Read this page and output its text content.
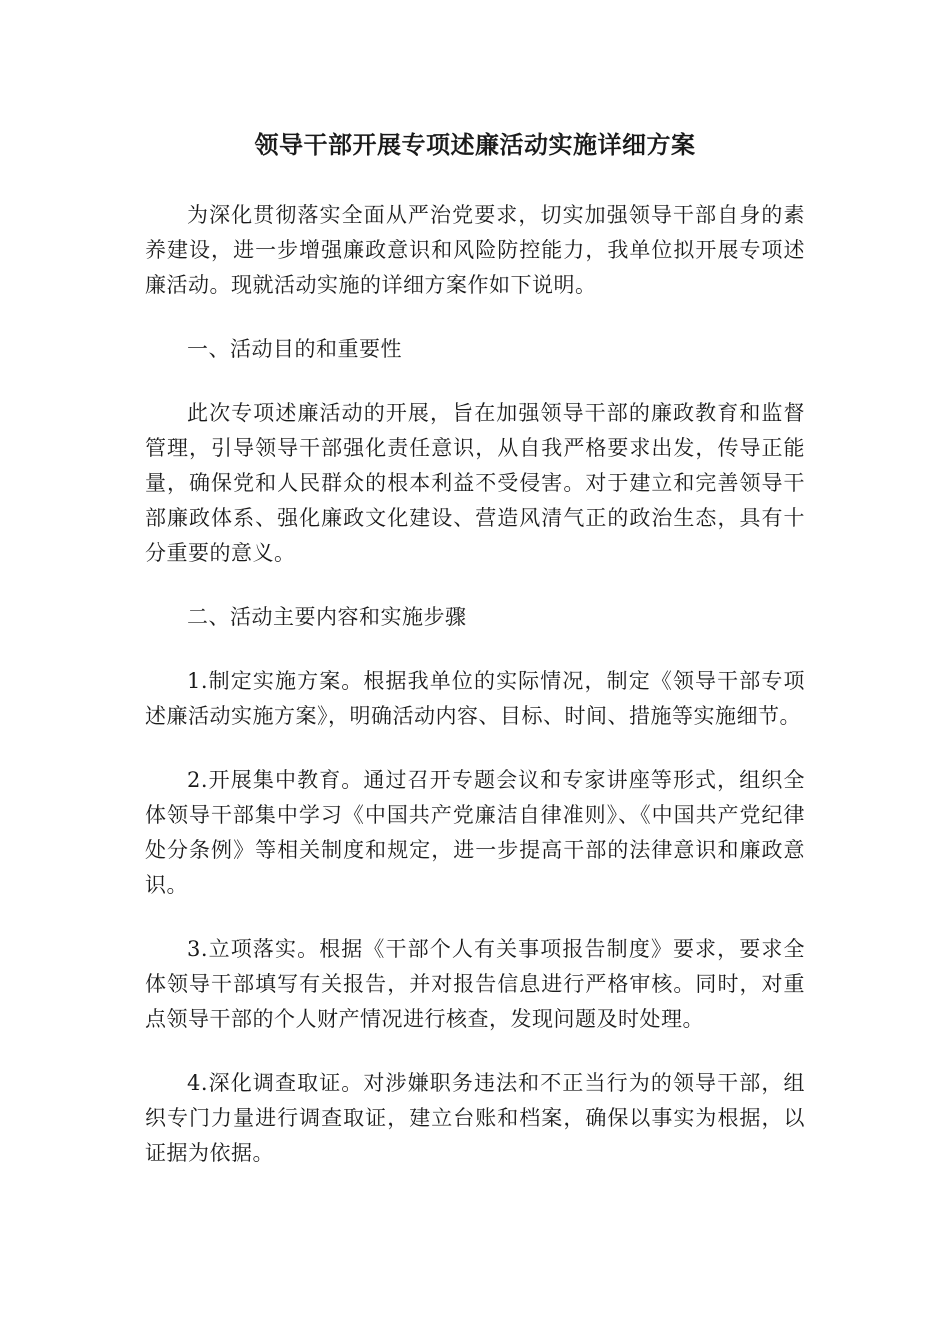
领导干部开展专项述廉活动实施详细方案

为深化贯彻落实全面从严治党要求，切实加强领导干部自身的素养建设，进一步增强廉政意识和风险防控能力，我单位拟开展专项述廉活动。现就活动实施的详细方案作如下说明。

一、活动目的和重要性

此次专项述廉活动的开展，旨在加强领导干部的廉政教育和监督管理，引导领导干部强化责任意识，从自我严格要求出发，传导正能量，确保党和人民群众的根本利益不受侵害。对于建立和完善领导干部廉政体系、强化廉政文化建设、营造风清气正的政治生态，具有十分重要的意义。

二、活动主要内容和实施步骤

1.制定实施方案。根据我单位的实际情况，制定《领导干部专项述廉活动实施方案》，明确活动内容、目标、时间、措施等实施细节。

2.开展集中教育。通过召开专题会议和专家讲座等形式，组织全体领导干部集中学习《中国共产党廉洁自律准则》、《中国共产党纪律处分条例》等相关制度和规定，进一步提高干部的法律意识和廉政意识。

3.立项落实。根据《干部个人有关事项报告制度》要求，要求全体领导干部填写有关报告，并对报告信息进行严格审核。同时，对重点领导干部的个人财产情况进行核查，发现问题及时处理。

4.深化调查取证。对涉嫌职务违法和不正当行为的领导干部，组织专门力量进行调查取证，建立台账和档案，确保以事实为根据，以证据为依据。
